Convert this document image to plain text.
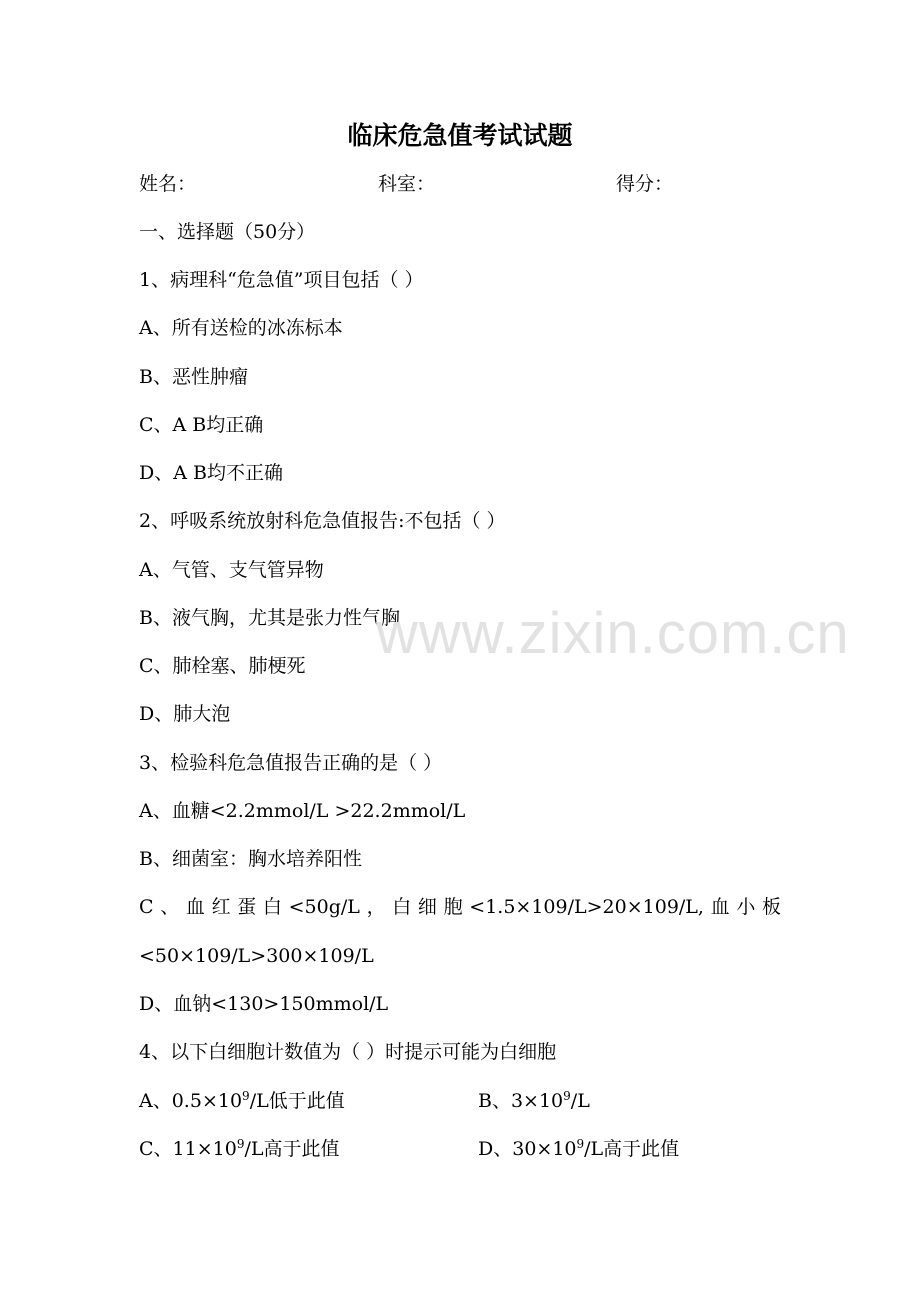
临床危急值考试试题
姓名：	科室：	得分：
一、选择题（50分）
1、病理科“危急值”项目包括（ ）
A、所有送检的冰冻标本
B、恶性肿瘤
C、A B均正确
D、A B均不正确
2、呼吸系统放射科危急值报告:不包括（ ）
A、气管、支气管异物
B、液气胸，尤其是张力性气胸
C、肺栓塞、肺梗死
D、肺大泡
3、检验科危急值报告正确的是（ ）
A、血糖<2.2mmol/L >22.2mmol/L
B、细菌室：胸水培养阳性
C、血红蛋白<50g/L，白细胞<1.5×109/L>20×109/L,血小板
<50×109/L>300×109/L
D、血钠<130>150mmol/L
4、以下白细胞计数值为（ ）时提示可能为白细胞
A、$0.5\times 10^9/L$低于此值	B、$3\times 10^9/L$
C、$11\times 10^9/L$高于此值	D、$30\times 10^9/L$高于此值
www.zixin.com.cn
